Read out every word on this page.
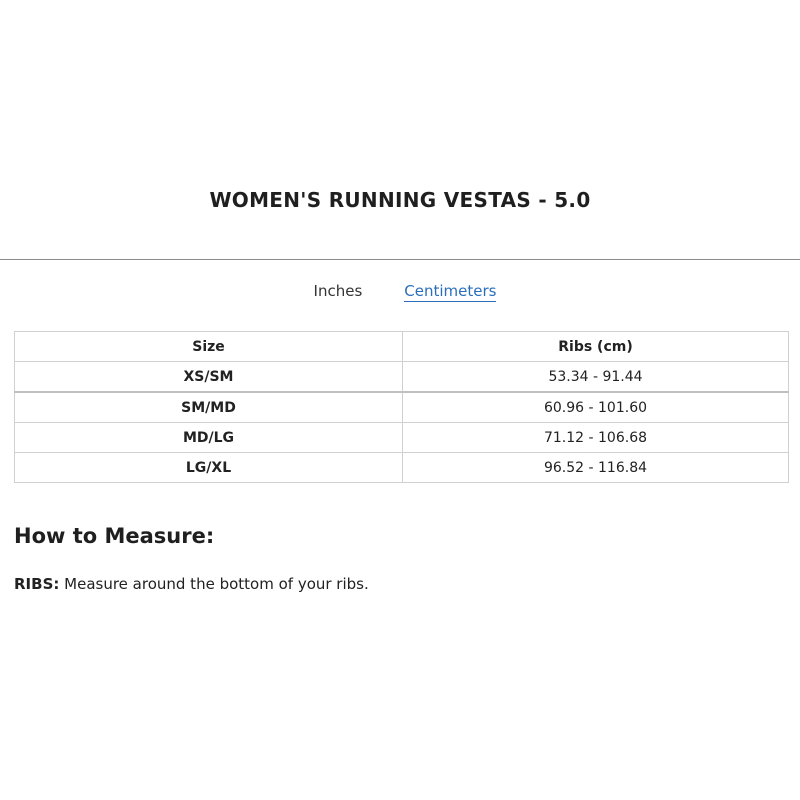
WOMEN'S RUNNING VESTAS - 5.0
Inches	Centimeters
Size	Ribs (cm)
XS/SM	53.34 - 91.44
SM/MD	60.96 - 101.60
MD/LG	71.12 - 106.68
LG/XL	96.52 - 116.84
How to Measure:

RIBS: Measure around the bottom of your ribs.
